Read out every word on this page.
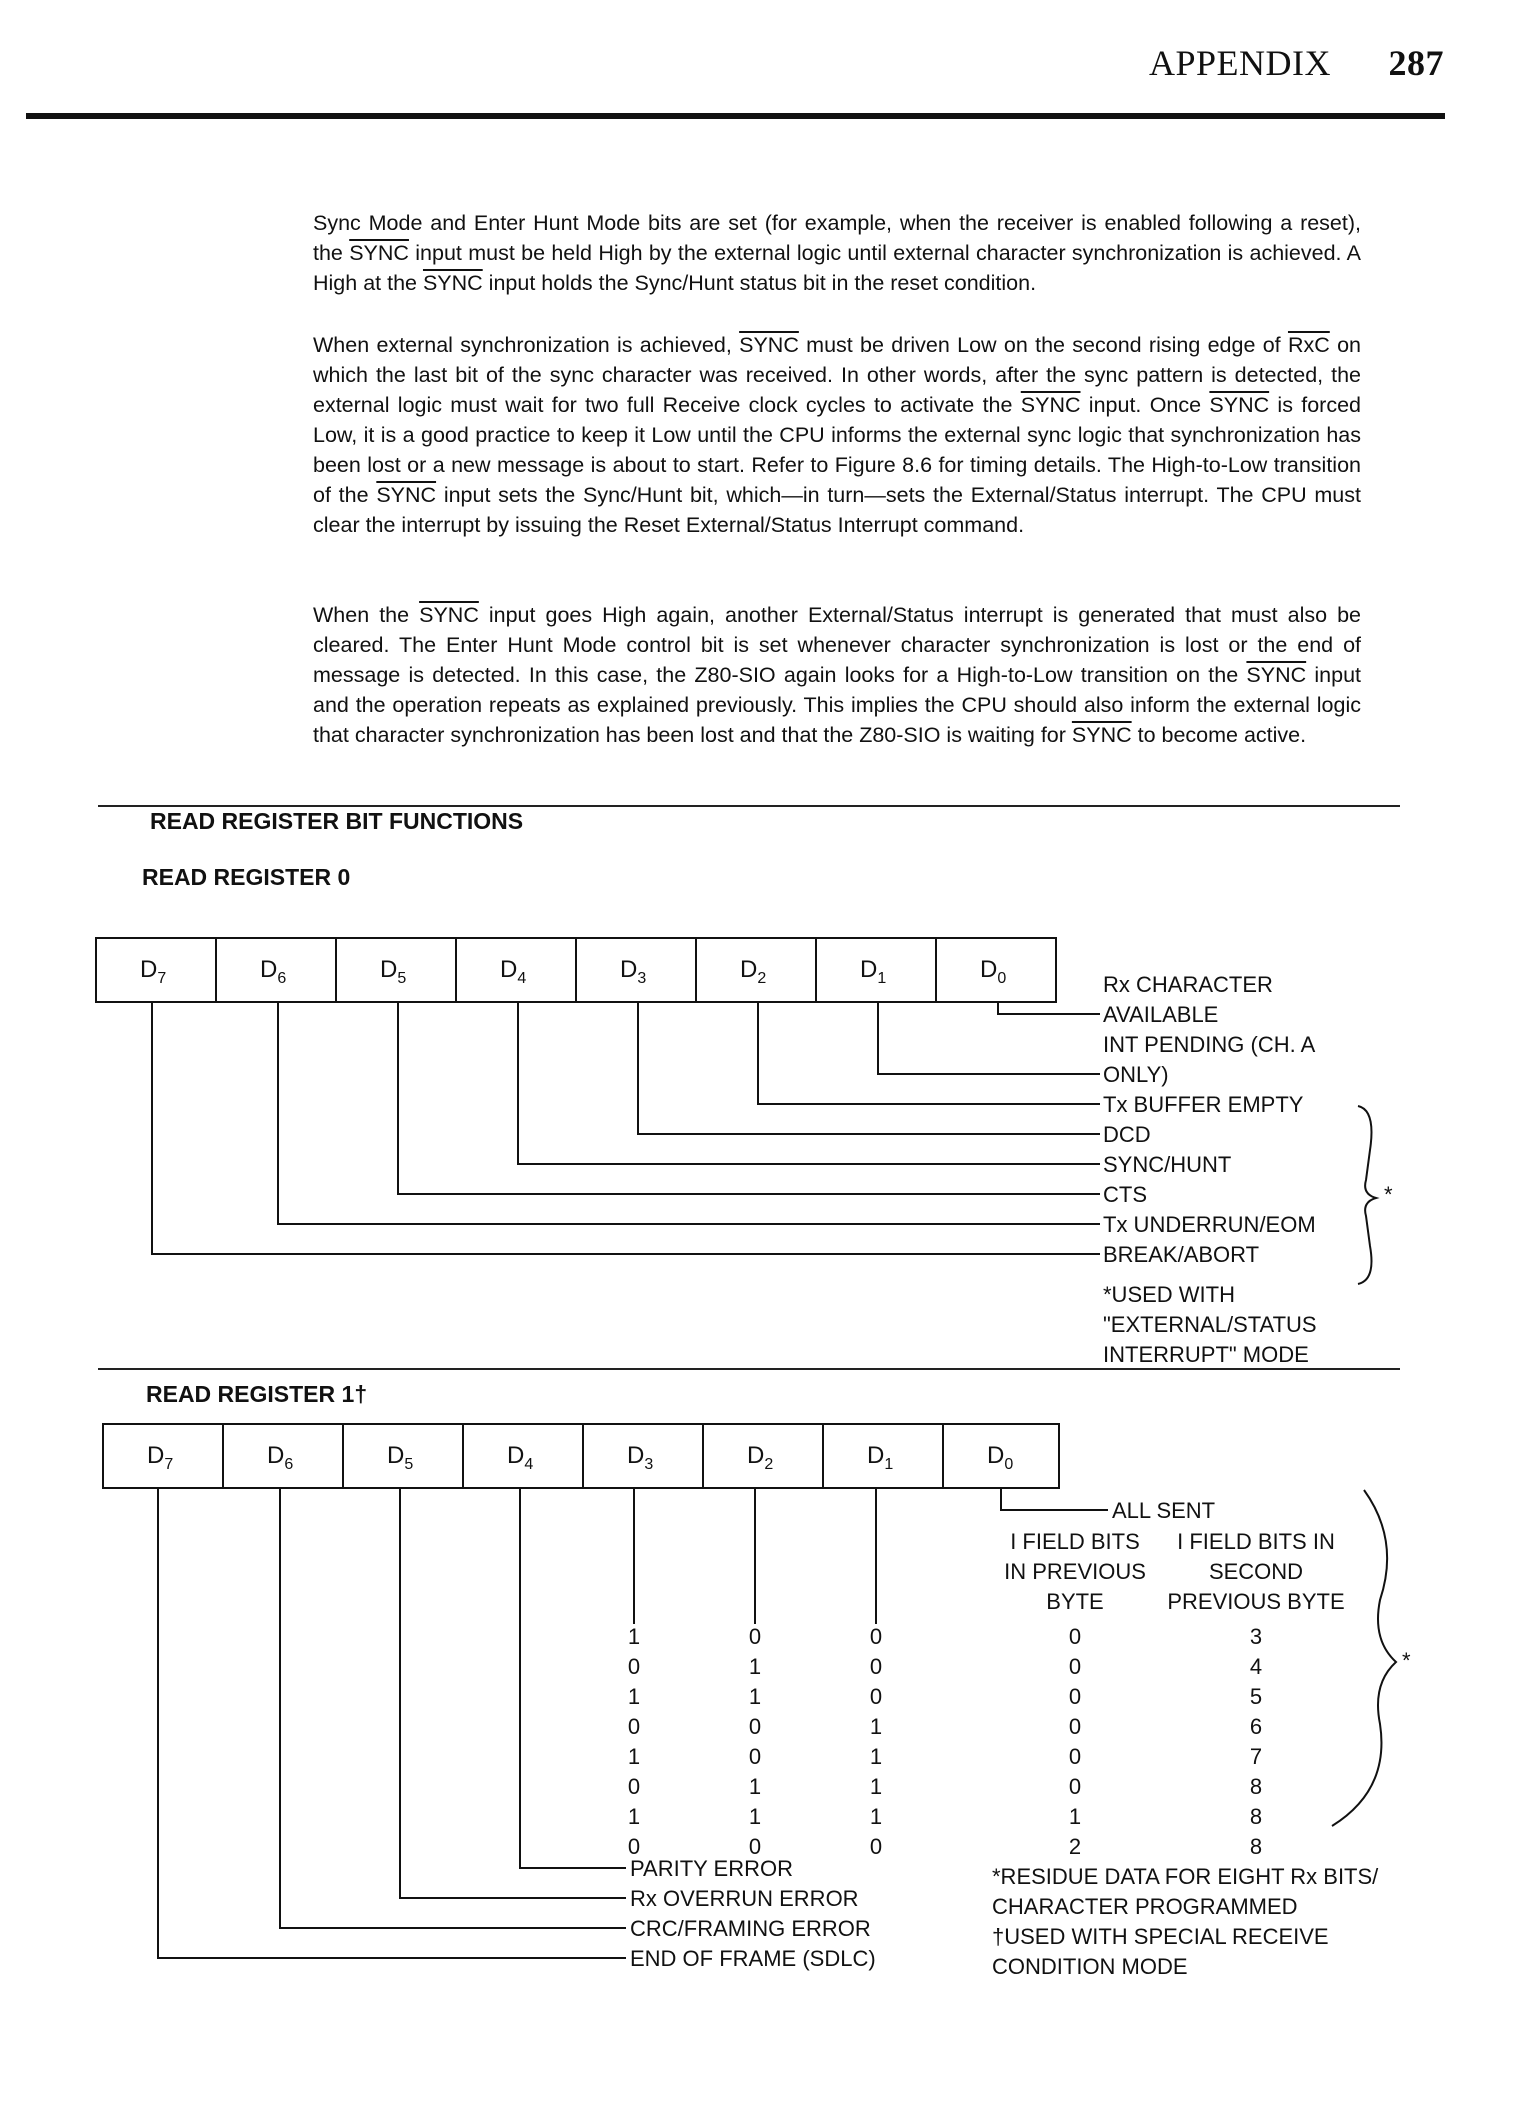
APPENDIX 287

Sync Mode and Enter Hunt Mode bits are set (for example, when the receiver is enabled following a reset), the SYNC input must be held High by the external logic until external character synchronization is achieved. A High at the SYNC input holds the Sync/Hunt status bit in the reset condition.

When external synchronization is achieved, SYNC must be driven Low on the second rising edge of $\overline{RxC}$ on which the last bit of the sync character was received. In other words, after the sync pattern is detected, the external logic must wait for two full Receive clock cycles to activate the SYNC input. Once SYNC is forced Low, it is a good practice to keep it Low until the CPU informs the external sync logic that synchronization has been lost or a new message is about to start. Refer to Figure 8.6 for timing details. The High-to-Low transition of the SYNC input sets the Sync/Hunt bit, which—in turn—sets the External/Status interrupt. The CPU must clear the interrupt by issuing the Reset External/Status Interrupt command.

When the SYNC input goes High again, another External/Status interrupt is generated that must also be cleared. The Enter Hunt Mode control bit is set whenever character synchronization is lost or the end of message is detected. In this case, the Z80-SIO again looks for a High-to-Low transition on the SYNC input and the operation repeats as explained previously. This implies the CPU should also inform the external logic that character synchronization has been lost and that the Z80-SIO is waiting for SYNC to become active.

READ REGISTER BIT FUNCTIONS
READ REGISTER 0
READ REGISTER 1†
$D_7$	$D_6$	$D_5$	$D_4$	$D_3$	$D_2$	$D_1$	$D_0$	Rx CHARACTER
AVAILABLE
INT PENDING (CH. A
ONLY)
Tx BUFFER EMPTY
DCD
SYNC/HUNT
CTS
Tx UNDERRUN/EOM
BREAK/ABORT
*
*USED WITH
"EXTERNAL/STATUS
INTERRUPT" MODE
$D_7$	$D_6$	$D_5$	$D_4$	$D_3$	$D_2$	$D_1$	$D_0$
ALL SENT
I FIELD BITS
IN PREVIOUS
BYTE
I FIELD BITS IN
SECOND
PREVIOUS BYTE
1	0	0	0	3
0	1	0	0	4
1	1	0	0	5
0	0	1	0	6
1	0	1	0	7
0	1	1	0	8
1	1	1	1	8
0	0	0	2	8
*
PARITY ERROR
Rx OVERRUN ERROR
CRC/FRAMING ERROR
END OF FRAME (SDLC)
*RESIDUE DATA FOR EIGHT Rx BITS/
CHARACTER PROGRAMMED
†USED WITH SPECIAL RECEIVE
CONDITION MODE
